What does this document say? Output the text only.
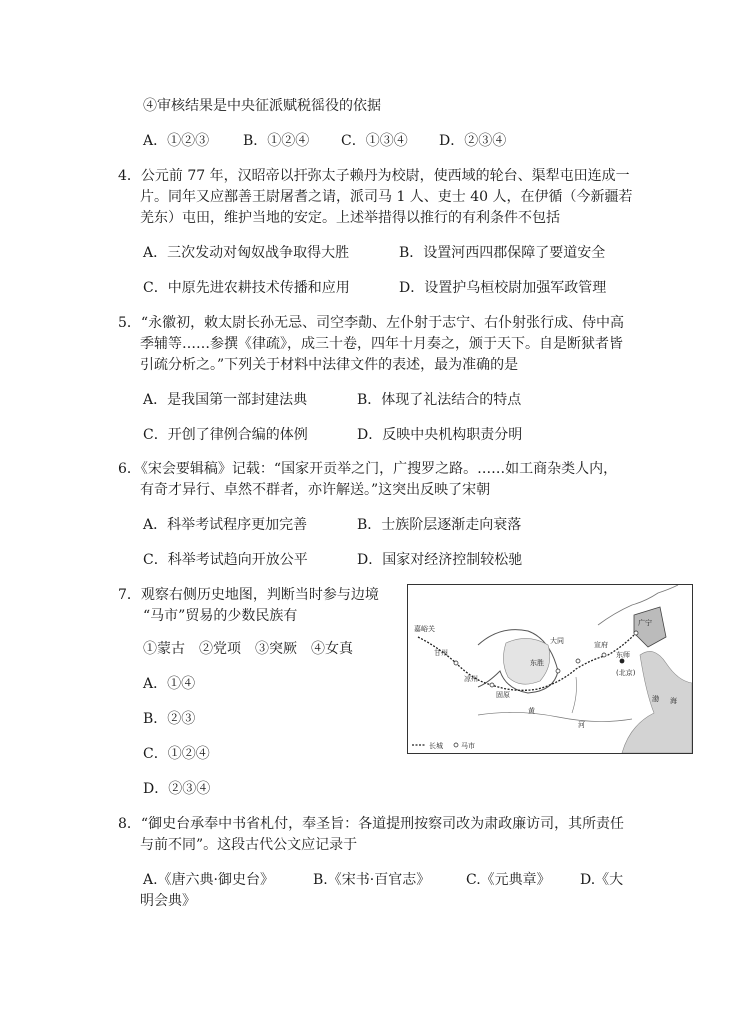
④审核结果是中央征派赋税徭役的依据
A．①②③ B．①②④ C．①③④ D．②③④
4．公元前 77 年，汉昭帝以扞弥太子赖丹为校尉，使西域的轮台、渠犁屯田连成一
片。同年又应鄯善王尉屠耆之请，派司马 1 人、吏士 40 人，在伊循（今新疆若
羌东）屯田，维护当地的安定。上述举措得以推行的有利条件不包括
A．三次发动对匈奴战争取得大胜	B．设置河西四郡保障了要道安全
C．中原先进农耕技术传播和应用	D．设置护乌桓校尉加强军政管理
5．“永徽初，敕太尉长孙无忌、司空李勣、左仆射于志宁、右仆射张行成、侍中高
季辅等……参撰《律疏》，成三十卷，四年十月奏之，颁于天下。自是断狱者皆
引疏分析之。”下列关于材料中法律文件的表述，最为准确的是
A．是我国第一部封建法典	B．体现了礼法结合的特点
C．开创了律例合编的体例	D．反映中央机构职责分明
6．《宋会要辑稿》记载：“国家开贡举之门，广搜罗之路。……如工商杂类人内，
有奇才异行、卓然不群者，亦许解送。”这突出反映了宋朝
A．科举考试程序更加完善	B．士族阶层逐渐走向衰落
C．科举考试趋向开放公平	D．国家对经济控制较松驰
7．观察右侧历史地图，判断当时参与边境
“马市”贸易的少数民族有
①蒙古　②党项　③突厥　④女真
A．①④
B．②③
C．①②④
D．②③④
嘉峪关
宣府
大同
广宁
东胜
东师
(北京)
凉州
甘州
固原
黄
河
渤 海
长城	马市
8．“御史台承奉中书省札付，奉圣旨：各道提刑按察司改为肃政廉访司，其所责任
与前不同”。这段古代公文应记录于
A.《唐六典·御史台》	B.《宋书·百官志》	C.《元典章》 D.《大
明会典》
